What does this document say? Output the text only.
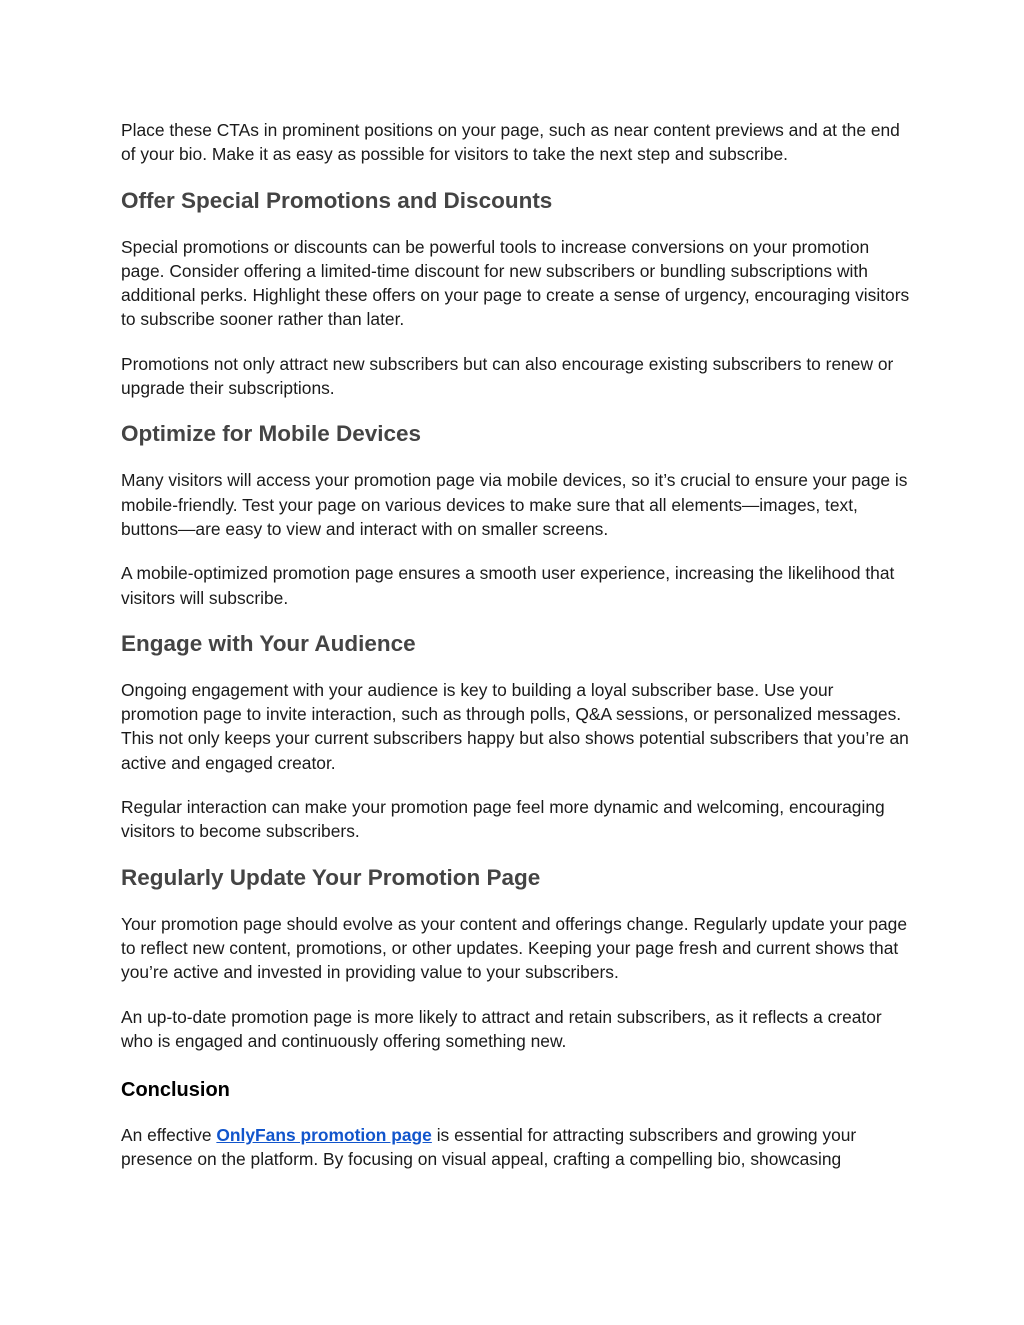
Place these CTAs in prominent positions on your page, such as near content previews and at the end of your bio. Make it as easy as possible for visitors to take the next step and subscribe.

Offer Special Promotions and Discounts

Special promotions or discounts can be powerful tools to increase conversions on your promotion page. Consider offering a limited-time discount for new subscribers or bundling subscriptions with additional perks. Highlight these offers on your page to create a sense of urgency, encouraging visitors to subscribe sooner rather than later.

Promotions not only attract new subscribers but can also encourage existing subscribers to renew or upgrade their subscriptions.

Optimize for Mobile Devices

Many visitors will access your promotion page via mobile devices, so it’s crucial to ensure your page is mobile-friendly. Test your page on various devices to make sure that all elements—images, text, buttons—are easy to view and interact with on smaller screens.

A mobile-optimized promotion page ensures a smooth user experience, increasing the likelihood that visitors will subscribe.

Engage with Your Audience

Ongoing engagement with your audience is key to building a loyal subscriber base. Use your promotion page to invite interaction, such as through polls, Q&A sessions, or personalized messages. This not only keeps your current subscribers happy but also shows potential subscribers that you’re an active and engaged creator.

Regular interaction can make your promotion page feel more dynamic and welcoming, encouraging visitors to become subscribers.

Regularly Update Your Promotion Page

Your promotion page should evolve as your content and offerings change. Regularly update your page to reflect new content, promotions, or other updates. Keeping your page fresh and current shows that you’re active and invested in providing value to your subscribers.

An up-to-date promotion page is more likely to attract and retain subscribers, as it reflects a creator who is engaged and continuously offering something new.

Conclusion

An effective OnlyFans promotion page is essential for attracting subscribers and growing your presence on the platform. By focusing on visual appeal, crafting a compelling bio, showcasing
